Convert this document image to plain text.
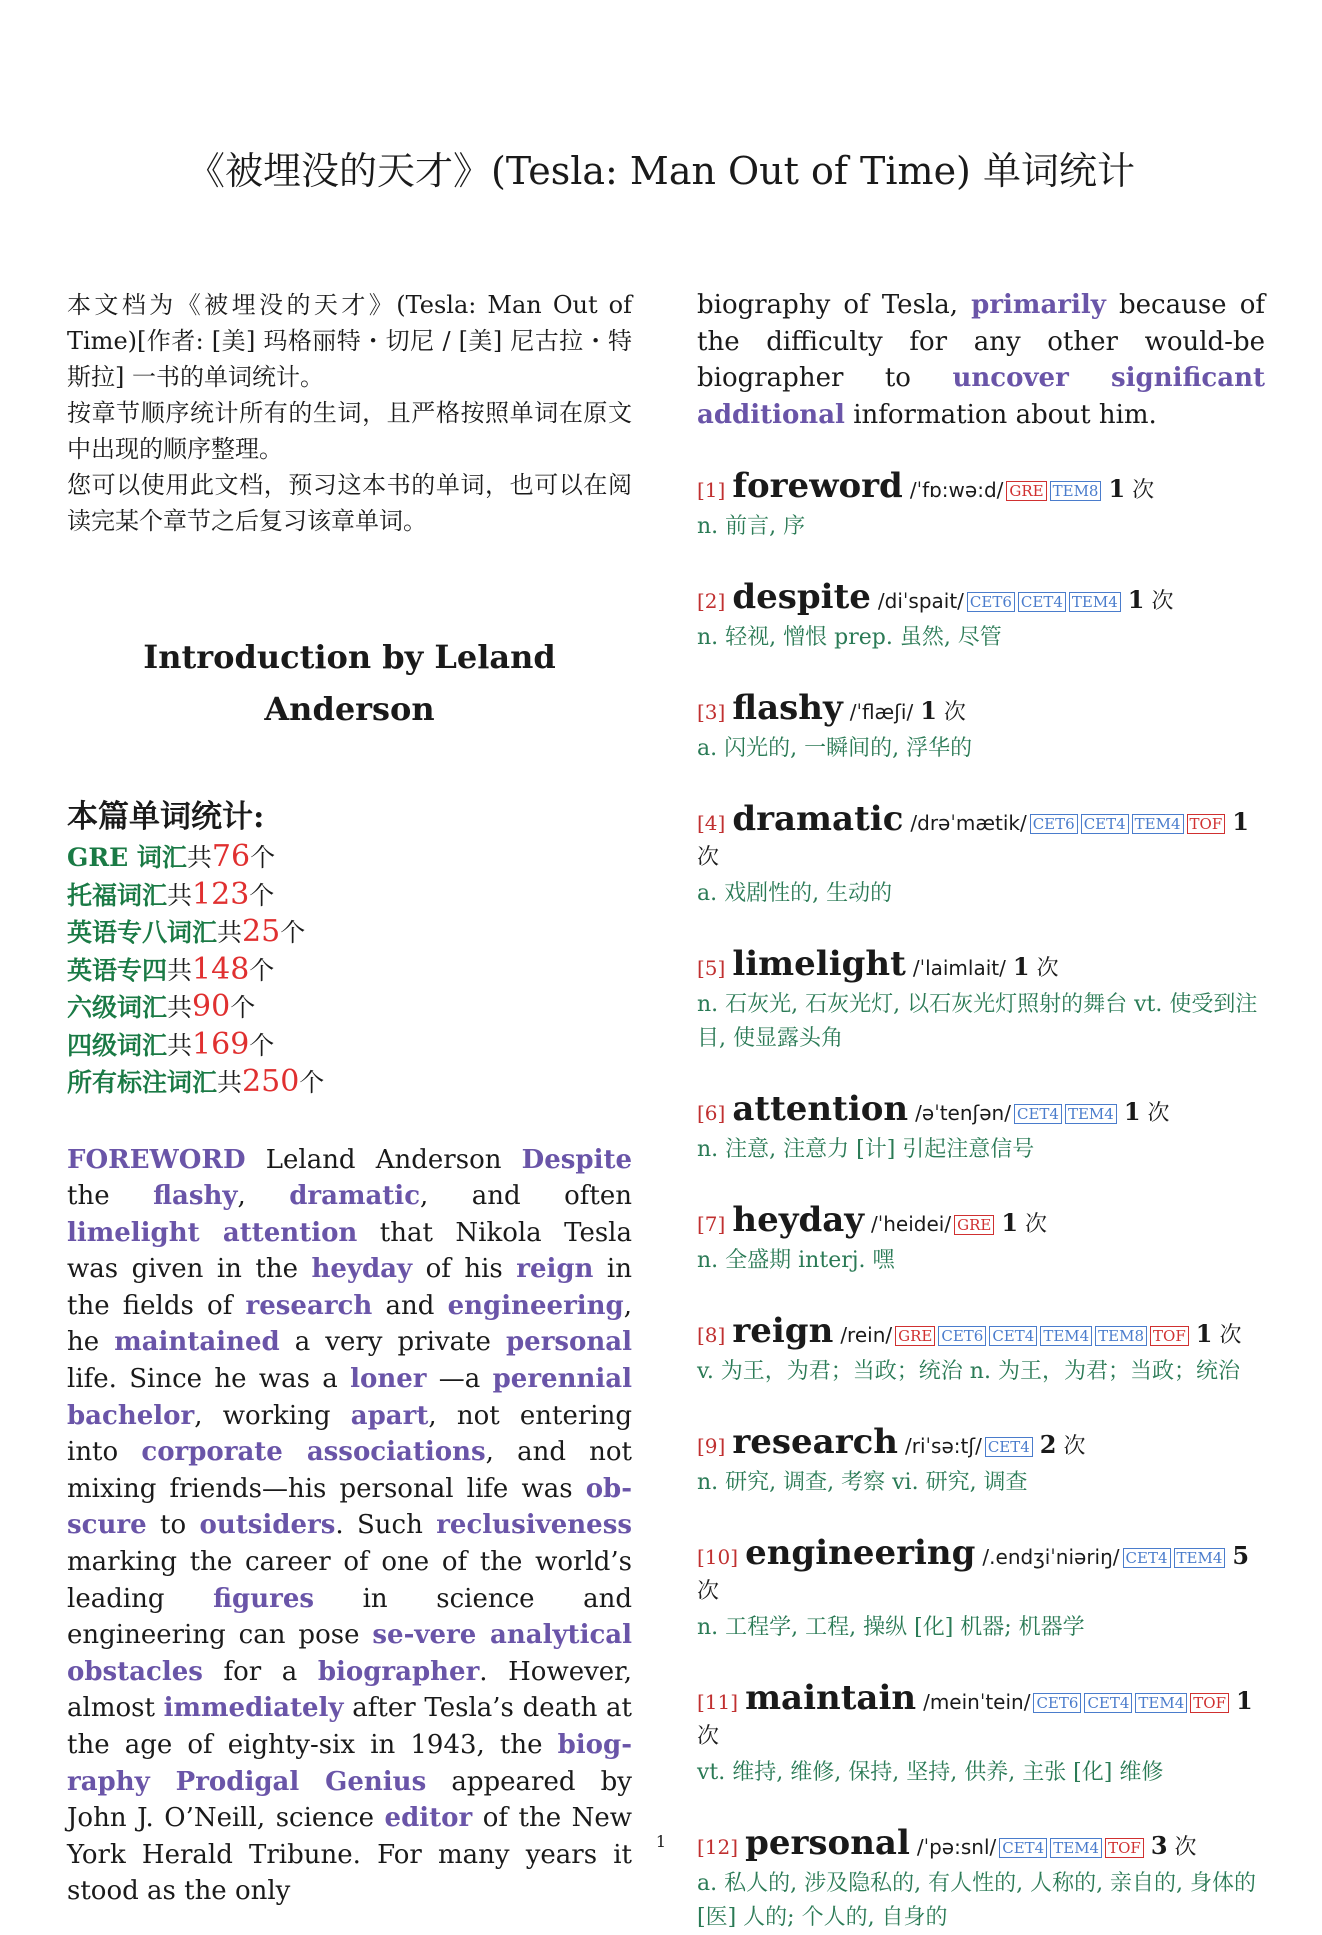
《被埋没的天才》(Tesla: Man Out of Time) 单词统计

本文档为《被埋没的天才》(Tesla: Man Out of Time)[作者: [美] 玛格丽特・切尼 / [美] 尼古拉・特斯拉] 一书的单词统计。

按章节顺序统计所有的生词，且严格按照单词在原文中出现的顺序整理。

您可以使用此文档，预习这本书的单词，也可以在阅读完某个章节之后复习该章单词。

Introduction by Leland Anderson
本篇单词统计:
GRE 词汇共76个
托福词汇共123个
英语专八词汇共25个
英语专四共148个
六级词汇共90个
四级词汇共169个
所有标注词汇共250个
FOREWORD Leland Anderson Despite the flashy, dramatic, and often limelight attention that Nikola Tesla was given in the heyday of his reign in the fields of research and engineering, he maintained a very private personal life. Since he was a loner —a perennial bachelor, working apart, not entering into corporate associations, and not mixing friends—his personal life was ob-scure to outsiders. Such reclusiveness marking the career of one of the world’s leading figures in science and engineering can pose se-vere analytical obstacles for a biographer. However, almost immediately after Tesla’s death at the age of eighty-six in 1943, the biog-raphy Prodigal Genius appeared by John J. O’Neill, science editor of the New York Herald Tribune. For many years it stood as the only

biography of Tesla, primarily because of the difficulty for any other would-be biographer to uncover significant additional information about him.

[1] foreword /ˈfɒ:wə:d/ GRE TEM8 1 次
n. 前言, 序
[2] despite /diˈspait/ CET6 CET4 TEM4 1 次
n. 轻视, 憎恨 prep. 虽然, 尽管
[3] flashy /ˈflæʃi/ 1 次
a. 闪光的, 一瞬间的, 浮华的
[4] dramatic /drəˈmætik/ CET6 CET4 TEM4 TOF 1 次
a. 戏剧性的, 生动的
[5] limelight /ˈlaimlait/ 1 次
n. 石灰光, 石灰光灯, 以石灰光灯照射的舞台 vt. 使受到注目, 使显露头角
[6] attention /əˈtenʃən/ CET4 TEM4 1 次
n. 注意, 注意力 [计] 引起注意信号
[7] heyday /ˈheidei/ GRE 1 次
n. 全盛期 interj. 嘿
[8] reign /rein/ GRE CET6 CET4 TEM4 TEM8 TOF 1 次
v. 为王，为君；当政；统治 n. 为王，为君；当政；统治
[9] research /riˈsə:tʃ/ CET4 2 次
n. 研究, 调查, 考察 vi. 研究, 调查
[10] engineering /.endʒiˈniəriŋ/ CET4 TEM4 5 次
n. 工程学, 工程, 操纵 [化] 机器; 机器学
[11] maintain /meinˈtein/ CET6 CET4 TEM4 TOF 1 次
vt. 维持, 维修, 保持, 坚持, 供养, 主张 [化] 维修
[12] personal /ˈpə:snl/ CET4 TEM4 TOF 3 次
a. 私人的, 涉及隐私的, 有人性的, 人称的, 亲自的, 身体的 [医] 人的; 个人的, 自身的
1
